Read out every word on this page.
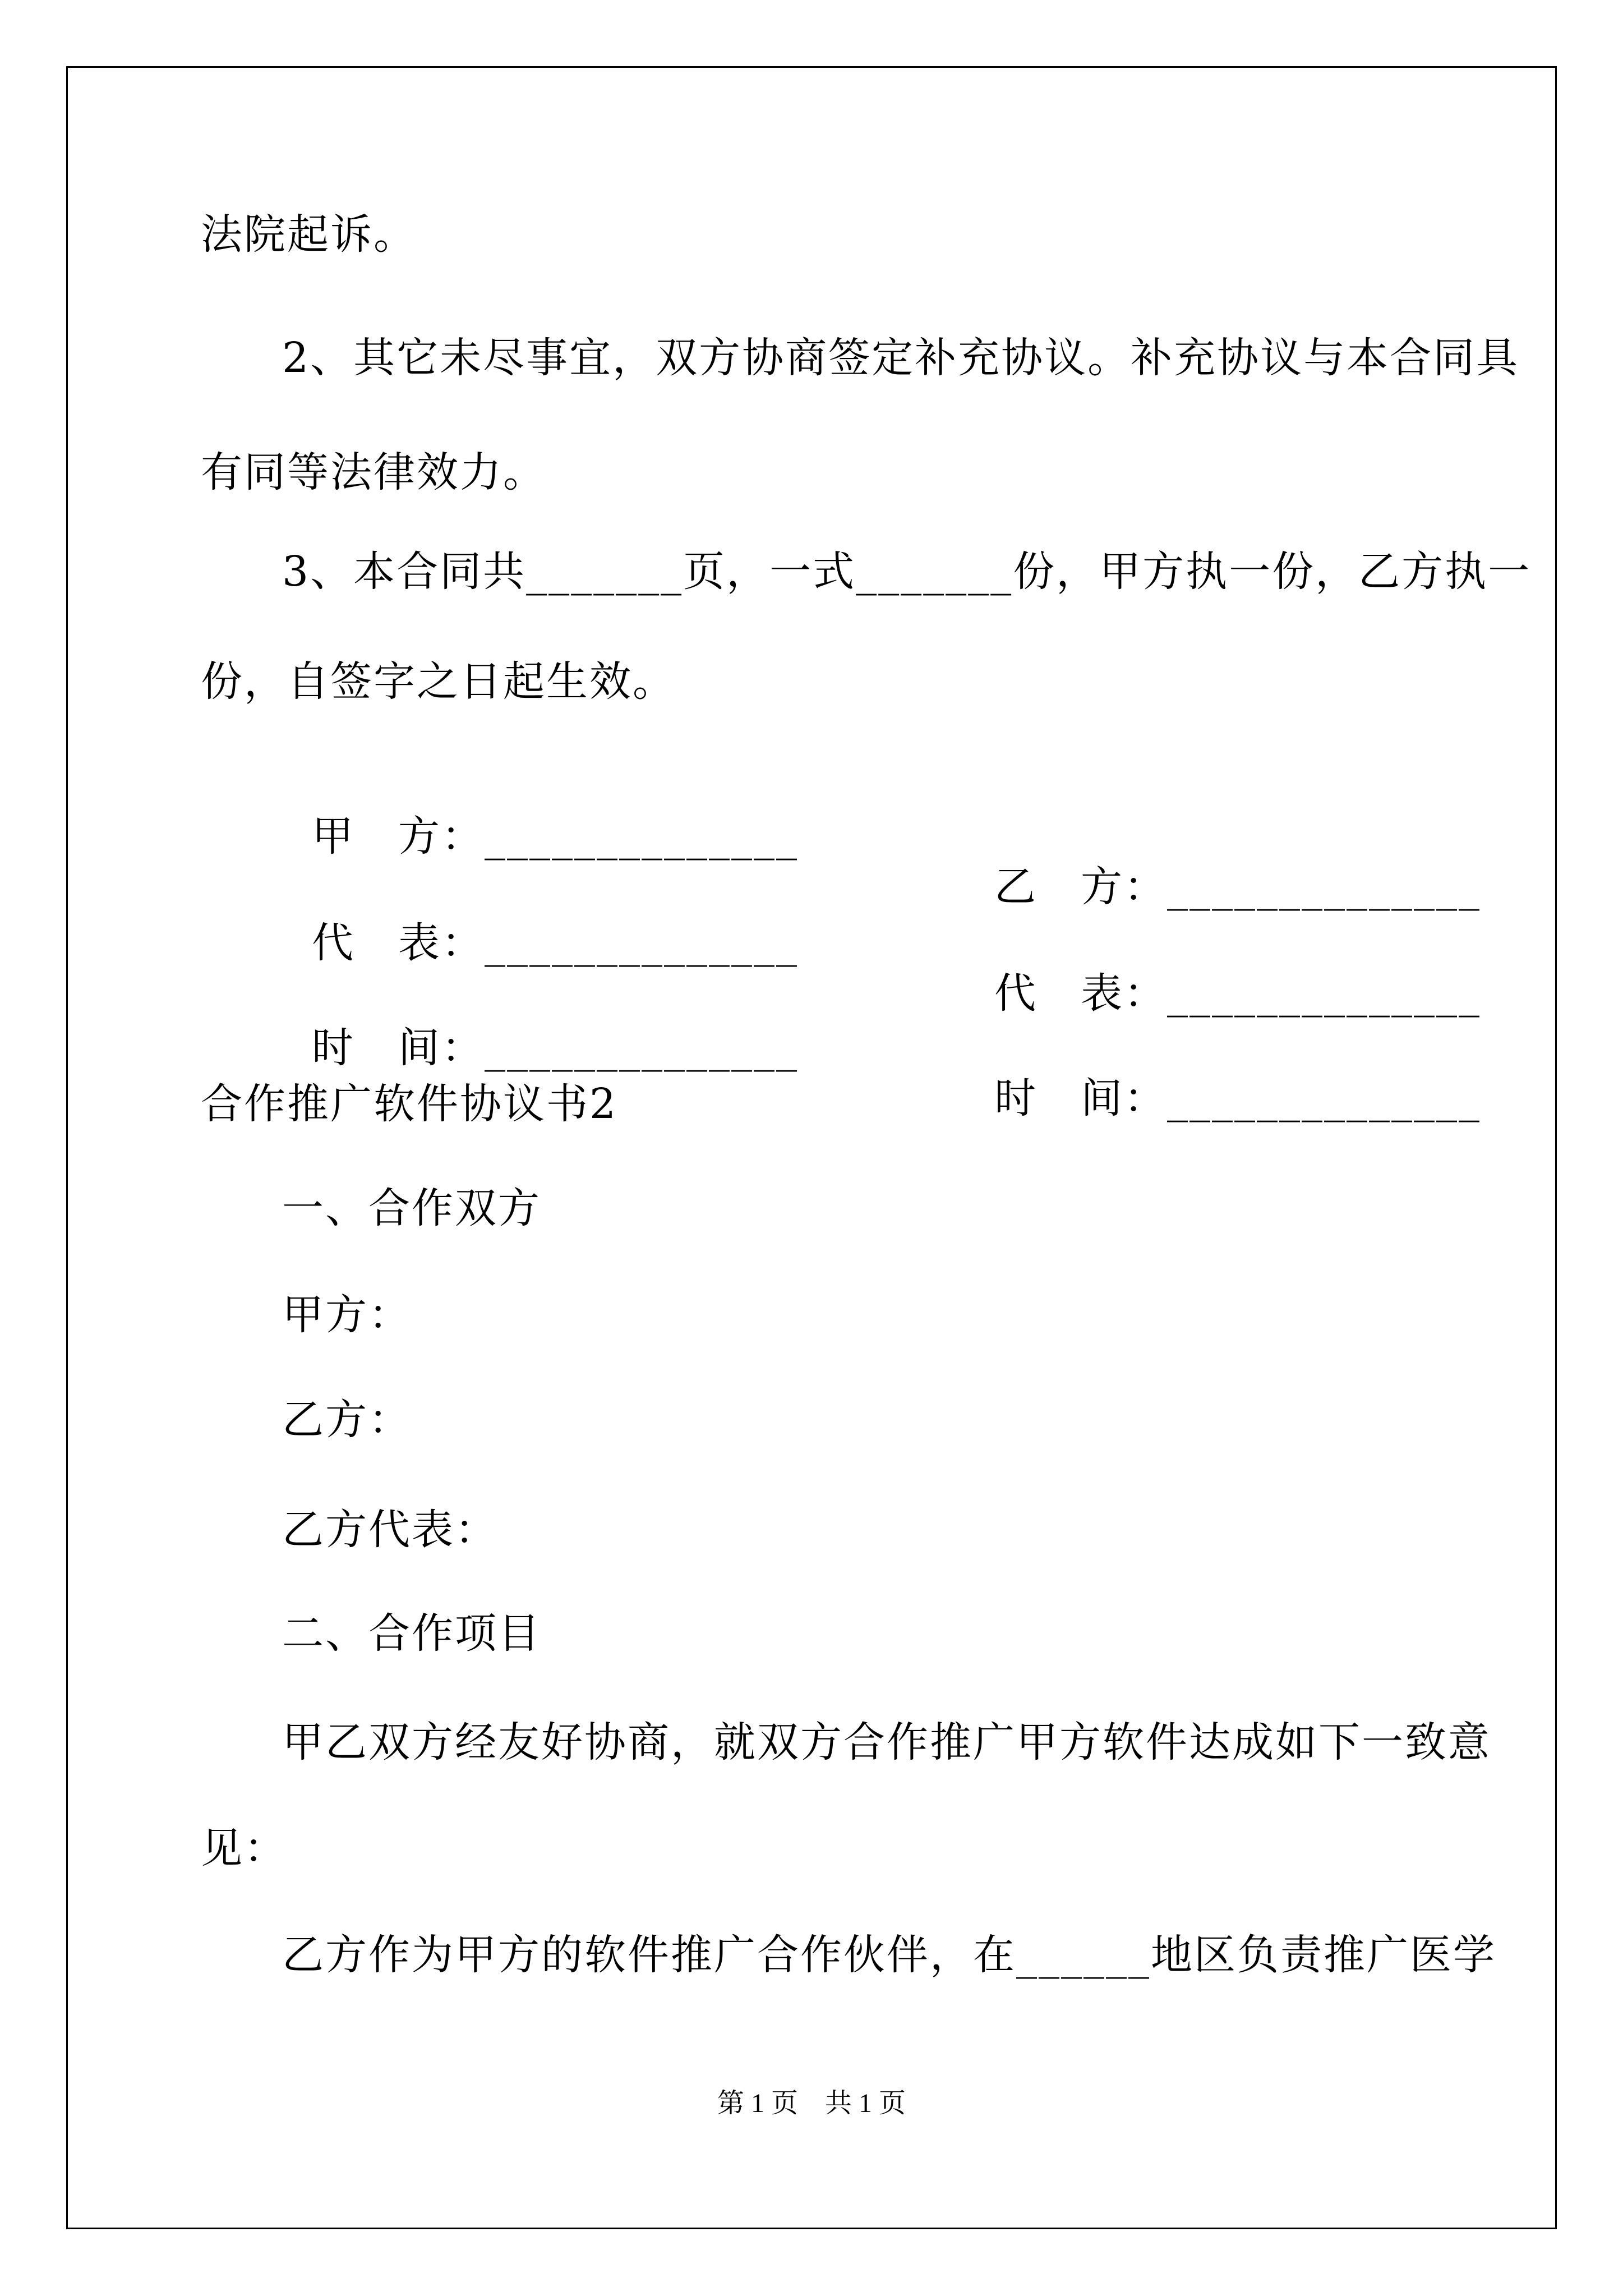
法院起诉。
2、其它未尽事宜，双方协商签定补充协议。补充协议与本合同具
有同等法律效力。
3、本合同共_______页，一式_______份，甲方执一份，乙方执一
份，自签字之日起生效。

甲　方：______________

乙　方：______________

代　表：______________

代　表：______________

时　间：______________

时　间：______________

合作推广软件协议书2
一、合作双方
甲方：
乙方：
乙方代表：
二、合作项目
甲乙双方经友好协商，就双方合作推广甲方软件达成如下一致意
见：
乙方作为甲方的软件推广合作伙伴，在______地区负责推广医学
第 1 页    共 1 页
